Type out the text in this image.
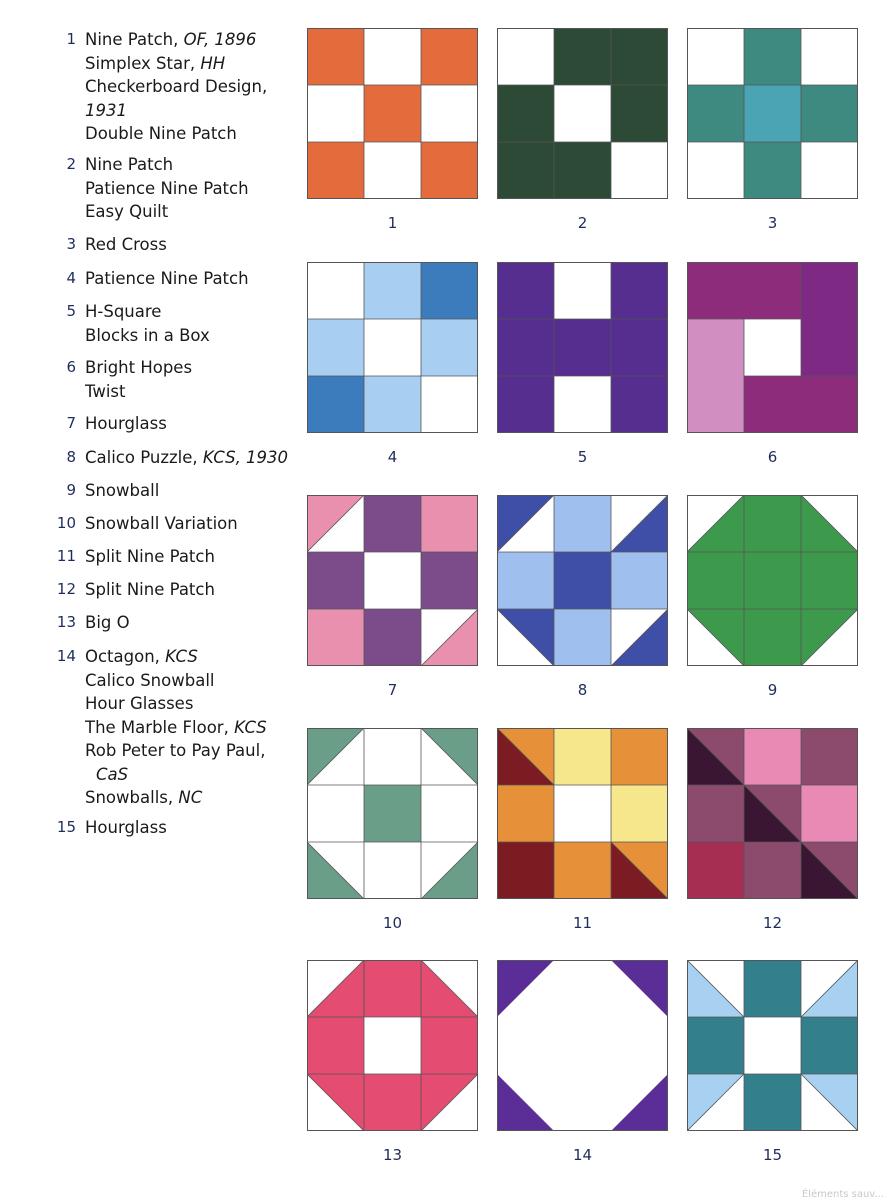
1 Nine Patch, OF, 1896
Simplex Star, HH
Checkerboard Design,
1931
Double Nine Patch
2 Nine Patch
Patience Nine Patch
Easy Quilt
3 Red Cross
4 Patience Nine Patch
5 H-Square
Blocks in a Box
6 Bright Hopes
Twist
7 Hourglass
8 Calico Puzzle, KCS, 1930
9 Snowball
10 Snowball Variation
11 Split Nine Patch
12 Split Nine Patch
13 Big O
14 Octagon, KCS
Calico Snowball
Hour Glasses
The Marble Floor, KCS
Rob Peter to Pay Paul,
CaS
Snowballs, NC
15 Hourglass
1	2	3
4	5	6
7	8	9
10	11	12
13	14	15
Éléments sauv...
